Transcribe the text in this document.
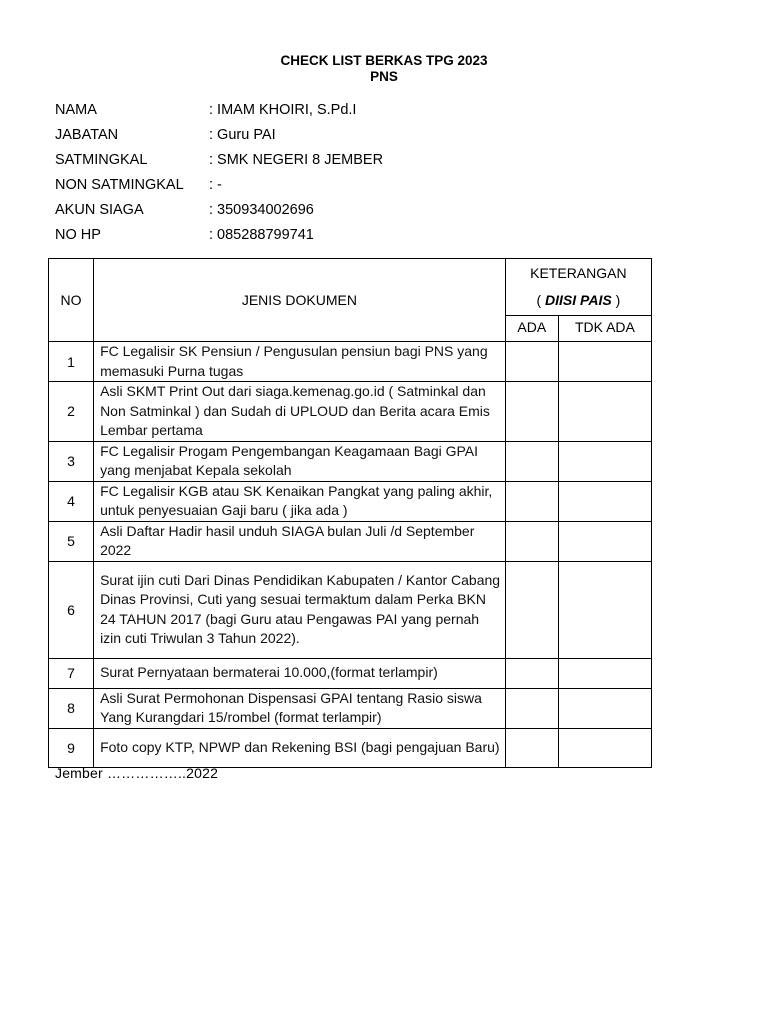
CHECK LIST BERKAS TPG 2023
PNS
NAMA	: IMAM KHOIRI, S.Pd.I
JABATAN	: Guru PAI
SATMINGKAL	: SMK NEGERI 8 JEMBER
NON SATMINGKAL : -
AKUN SIAGA	: 350934002696
NO HP	: 085288799741
NO	JENIS DOKUMEN	KETERANGAN
( DIISI PAIS )	

		ADA	TDK ADA
1	FC Legalisir SK Pensiun / Pengusulan pensiun bagi PNS yang memasuki Purna tugas		
2	Asli SKMT Print Out dari siaga.kemenag.go.id ( Satminkal dan Non Satminkal ) dan Sudah di UPLOUD dan Berita acara Emis Lembar pertama		
3	FC Legalisir Progam Pengembangan Keagamaan Bagi GPAI yang menjabat Kepala sekolah		
4	FC Legalisir KGB atau SK Kenaikan Pangkat yang paling akhir, untuk penyesuaian Gaji baru ( jika ada )		
5	Asli Daftar Hadir hasil unduh SIAGA bulan Juli /d September 2022		
6	Surat ijin cuti Dari Dinas Pendidikan Kabupaten / Kantor Cabang Dinas Provinsi, Cuti yang sesuai termaktum dalam Perka BKN 24 TAHUN 2017 (bagi Guru atau Pengawas PAI yang pernah izin cuti Triwulan 3 Tahun 2022).		
7	Surat Pernyataan bermaterai 10.000,(format terlampir)		
8	Asli Surat Permohonan Dispensasi GPAI tentang Rasio siswa Yang Kurangdari 15/rombel (format terlampir)		
9	Foto copy KTP, NPWP dan Rekening BSI (bagi pengajuan Baru)		
Jember ……………..2022
